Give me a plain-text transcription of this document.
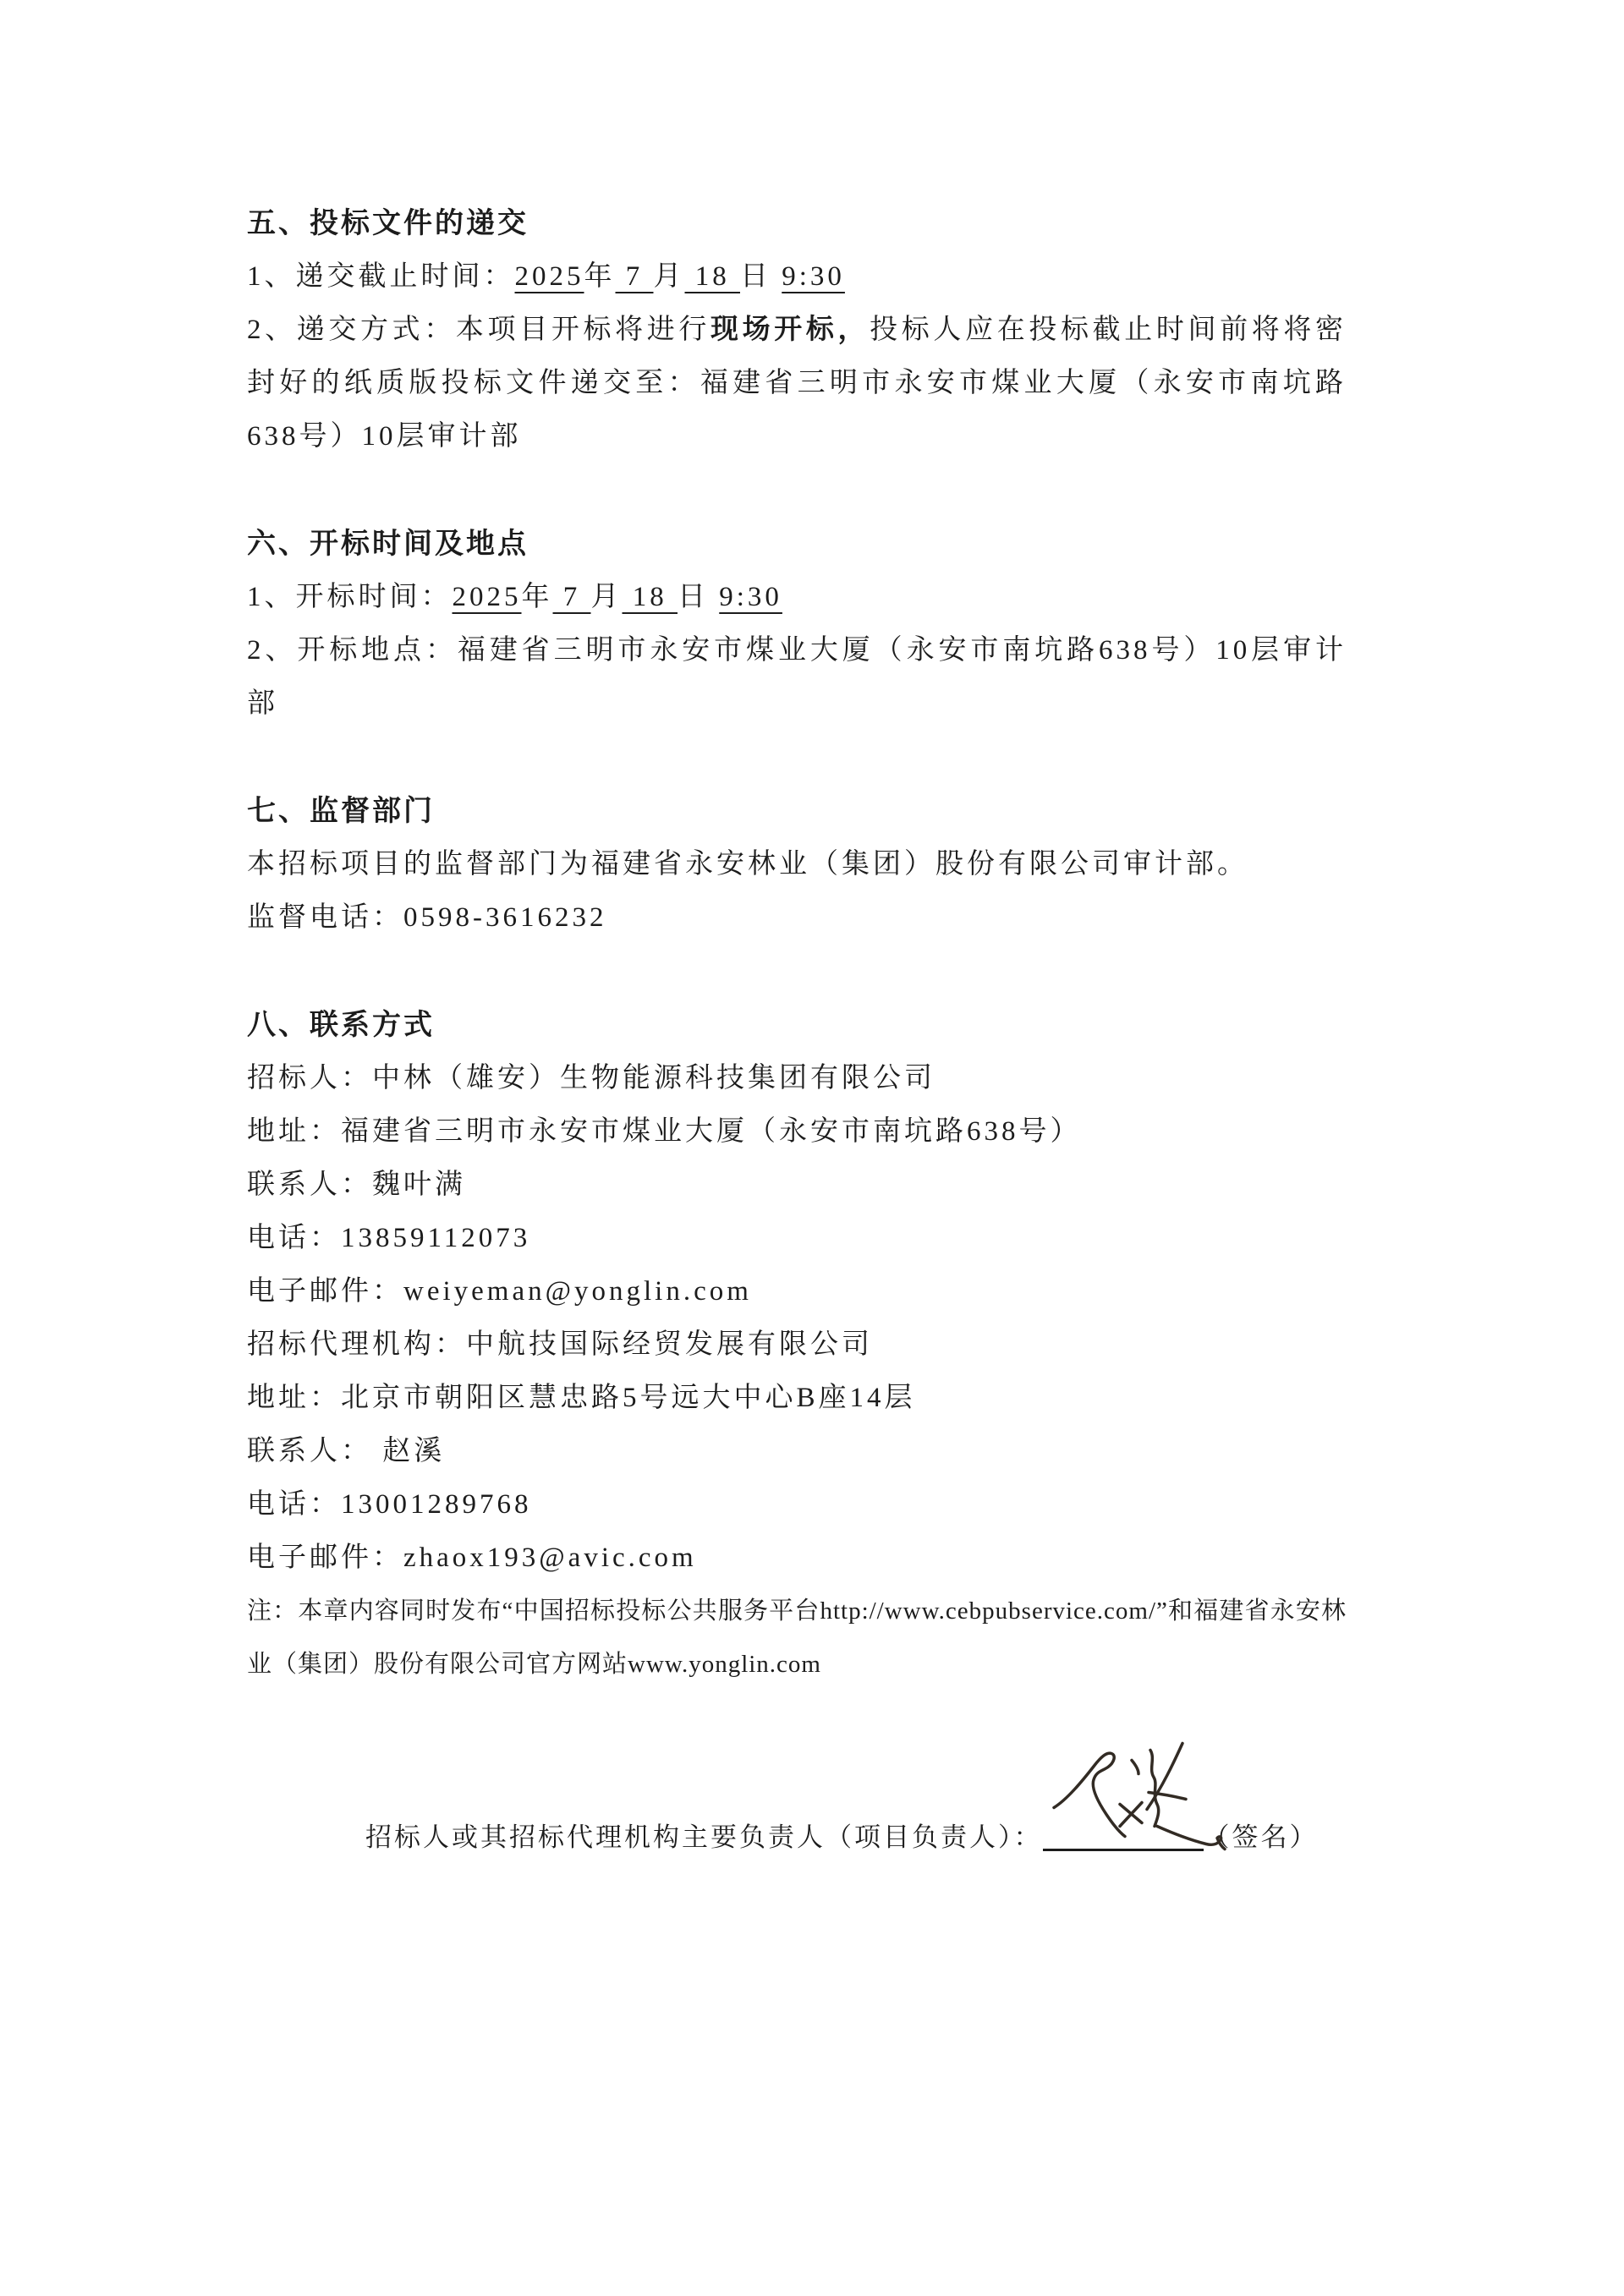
五、投标文件的递交

1、递交截止时间：2025年 7 月 18 日 9:30

2、递交方式：本项目开标将进行现场开标，投标人应在投标截止时间前将将密封好的纸质版投标文件递交至：福建省三明市永安市煤业大厦（永安市南坑路638号）10层审计部

六、开标时间及地点

1、开标时间：2025年 7 月 18 日 9:30

2、开标地点：福建省三明市永安市煤业大厦（永安市南坑路638号）10层审计部

七、监督部门

本招标项目的监督部门为福建省永安林业（集团）股份有限公司审计部。

监督电话：0598-3616232

八、联系方式

招标人：中林（雄安）生物能源科技集团有限公司

地址：福建省三明市永安市煤业大厦（永安市南坑路638号）

联系人：魏叶满

电话：13859112073

电子邮件：weiyeman@yonglin.com

招标代理机构：中航技国际经贸发展有限公司

地址：北京市朝阳区慧忠路5号远大中心B座14层

联系人： 赵溪

电话：13001289768

电子邮件：zhaox193@avic.com

注：本章内容同时发布“中国招标投标公共服务平台http://www.cebpubservice.com/”和福建省永安林业（集团）股份有限公司官方网站www.yonglin.com

招标人或其招标代理机构主要负责人（项目负责人）：	（签名）
